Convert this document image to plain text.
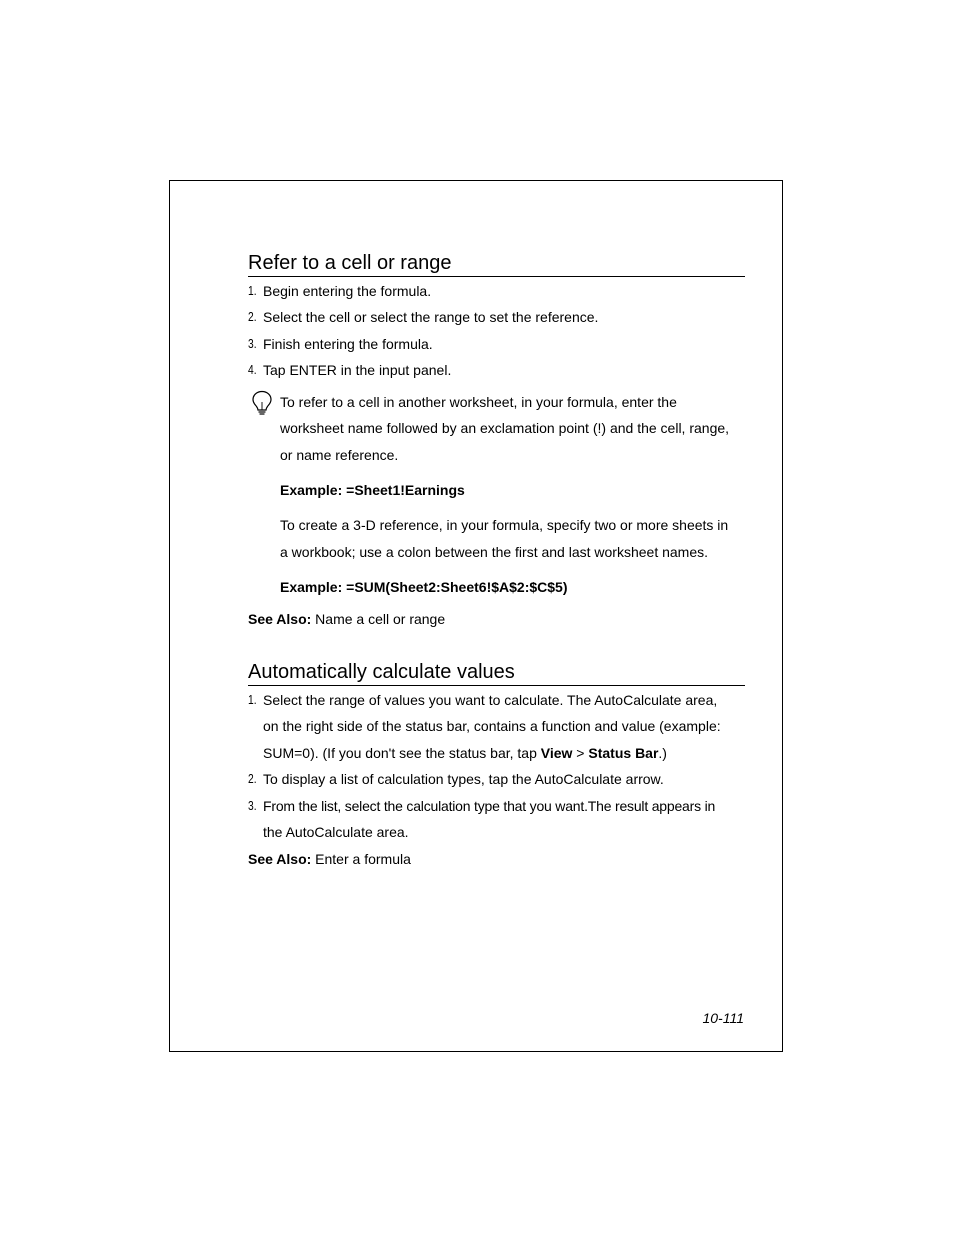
Refer to a cell or range
1. Begin entering the formula.
2. Select the cell or select the range to set the reference.
3. Finish entering the formula.
4. Tap ENTER in the input panel.
To refer to a cell in another worksheet, in your formula, enter the
worksheet name followed by an exclamation point (!) and the cell, range,
or name reference.
Example: =Sheet1!Earnings
To create a 3-D reference, in your formula, specify two or more sheets in
a workbook; use a colon between the first and last worksheet names.
Example: =SUM(Sheet2:Sheet6!$A$2:$C$5)
See Also: Name a cell or range
Automatically calculate values
1. Select the range of values you want to calculate. The AutoCalculate area,
on the right side of the status bar, contains a function and value (example:
SUM=0). (If you don't see the status bar, tap View > Status Bar.)
2. To display a list of calculation types, tap the AutoCalculate arrow.
3. From the list, select the calculation type that you want.The result appears in
the AutoCalculate area.
See Also: Enter a formula
10-111
